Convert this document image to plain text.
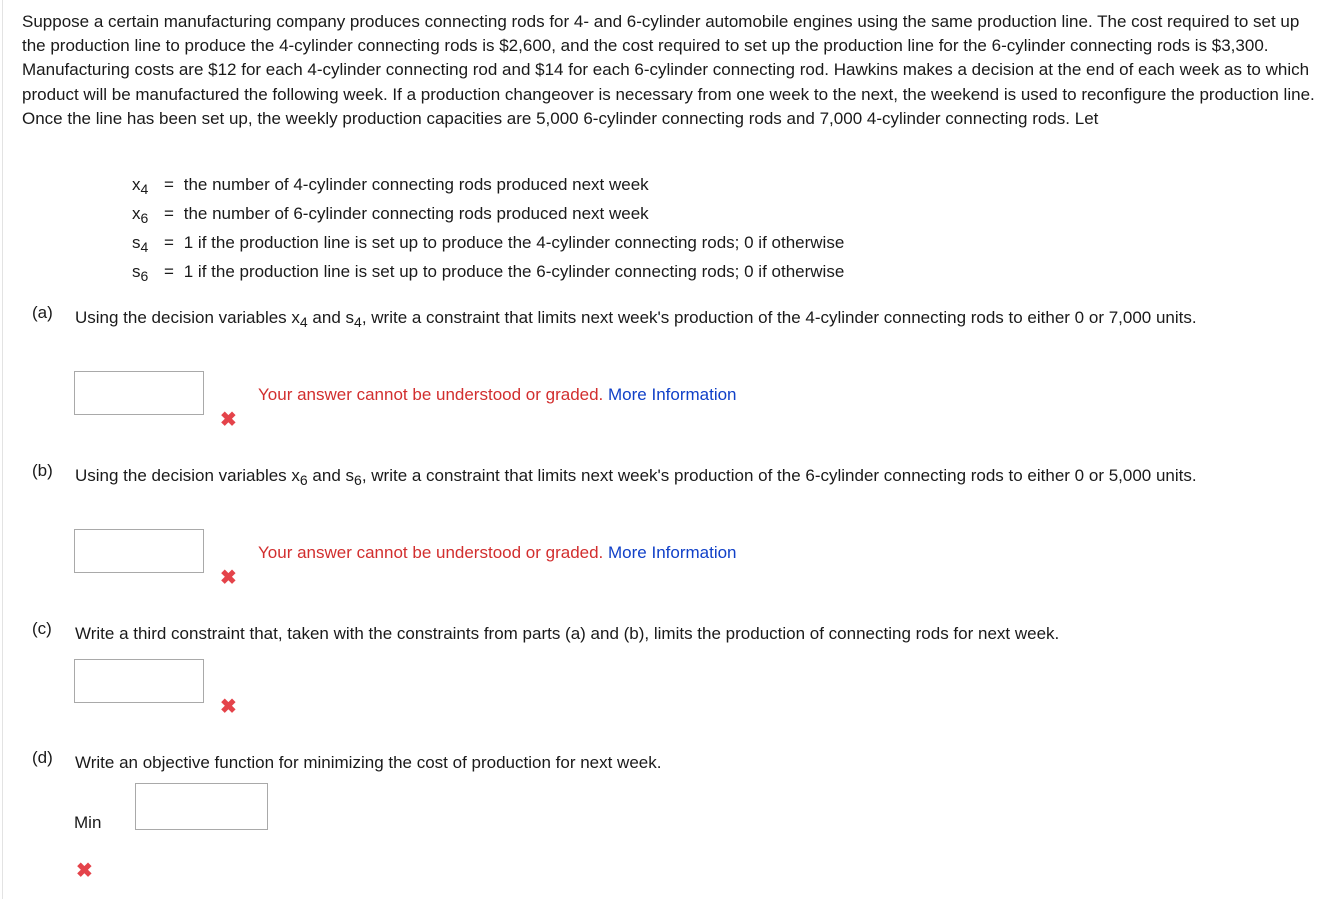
Suppose a certain manufacturing company produces connecting rods for 4- and 6-cylinder automobile engines using the same production line. The cost required to set up the production line to produce the 4-cylinder connecting rods is $2,600, and the cost required to set up the production line for the 6-cylinder connecting rods is $3,300. Manufacturing costs are $12 for each 4-cylinder connecting rod and $14 for each 6-cylinder connecting rod. Hawkins makes a decision at the end of each week as to which product will be manufactured the following week. If a production changeover is necessary from one week to the next, the weekend is used to reconfigure the production line. Once the line has been set up, the weekly production capacities are 5,000 6-cylinder connecting rods and 7,000 4-cylinder connecting rods. Let
$x_4$ = the number of 4-cylinder connecting rods produced next week
$x_6$ = the number of 6-cylinder connecting rods produced next week
$s_4 = 1$ if the production line is set up to produce the 4-cylinder connecting rods; 0 if otherwise
$s_6 = 1$ if the production line is set up to produce the 6-cylinder connecting rods; 0 if otherwise
(a) Using the decision variables $x_4$ and $s_4$, write a constraint that limits next week's production of the 4-cylinder connecting rods to either 0 or 7,000 units.
✖
Your answer cannot be understood or graded. More Information
(b) Using the decision variables $x_6$ and $s_6$, write a constraint that limits next week's production of the 6-cylinder connecting rods to either 0 or 5,000 units.
✖
Your answer cannot be understood or graded. More Information
(c) Write a third constraint that, taken with the constraints from parts (a) and (b), limits the production of connecting rods for next week.
✖
(d) Write an objective function for minimizing the cost of production for next week.
Min
✖
